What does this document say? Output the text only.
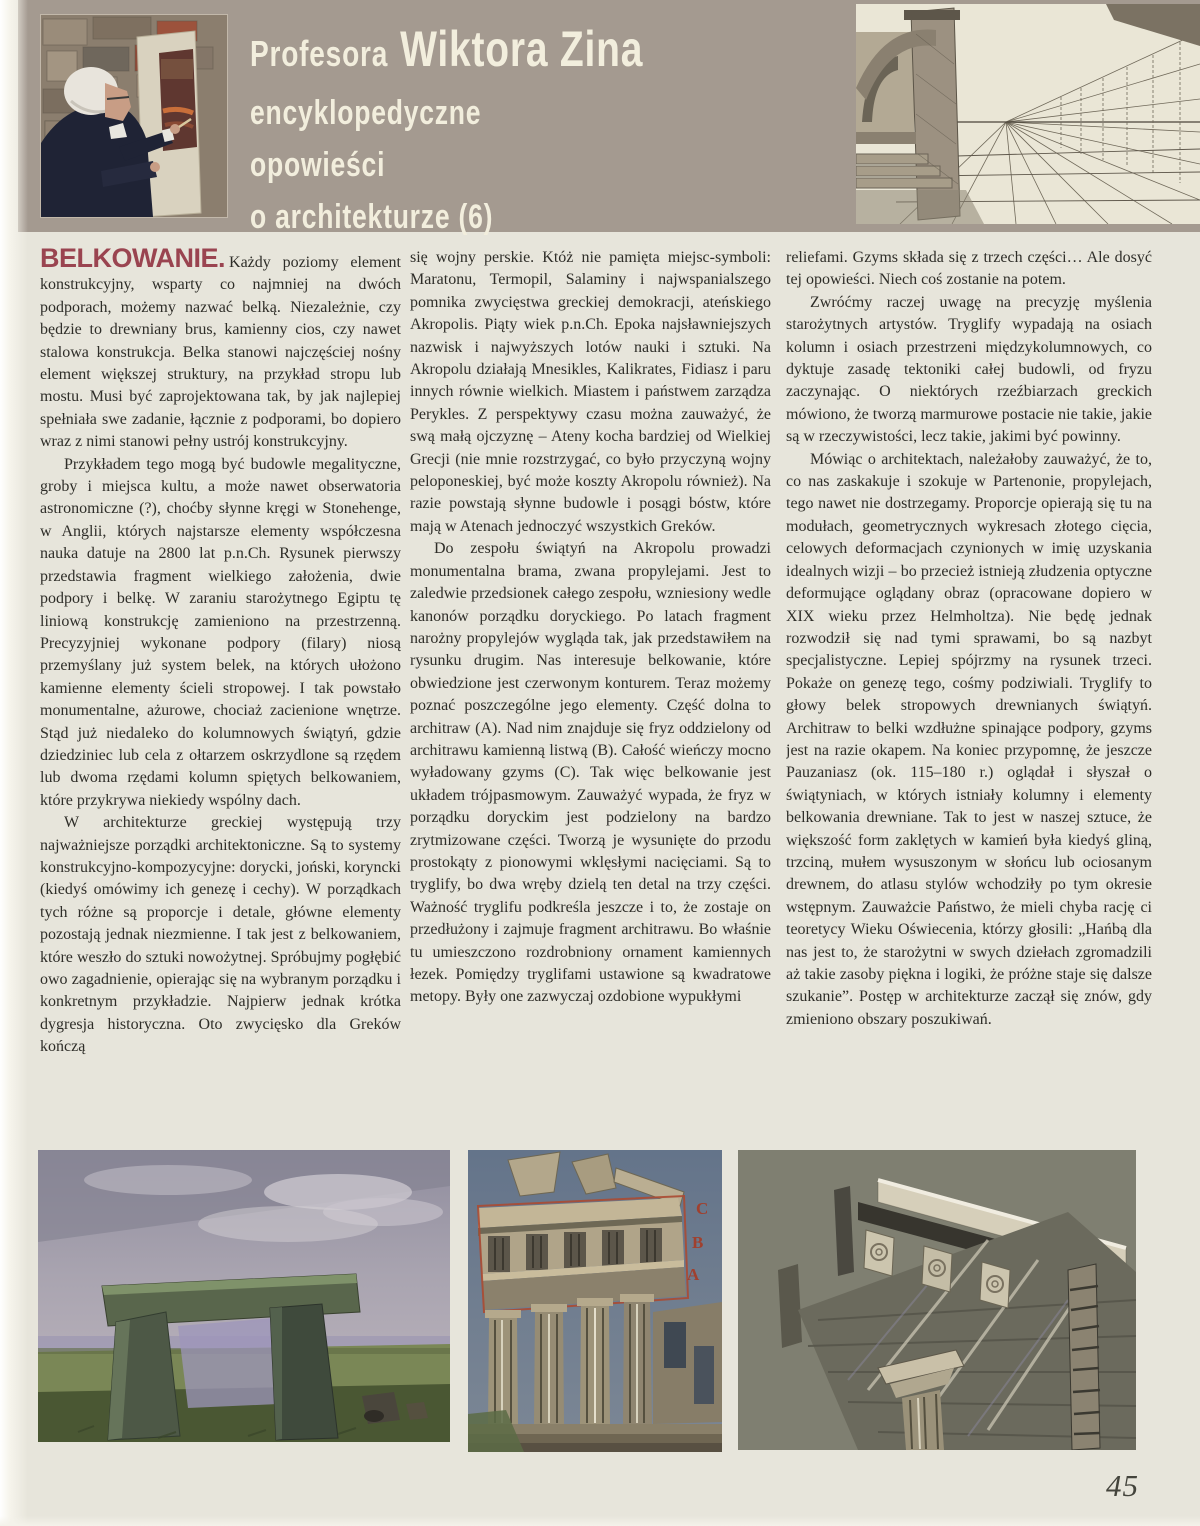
Profesora Wiktora Zina
encyklopedyczne
opowieści
o architekturze (6)

BELKOWANIE. Każdy poziomy element konstrukcyjny, wsparty co najmniej na dwóch podporach, możemy nazwać belką. Niezależnie, czy będzie to drewniany brus, kamienny cios, czy nawet stalowa konstrukcja. Belka stanowi najczęściej nośny element większej struktury, na przykład stropu lub mostu. Musi być zaprojektowana tak, by jak najlepiej spełniała swe zadanie, łącznie z podporami, bo dopiero wraz z nimi stanowi pełny ustrój konstrukcyjny.

Przykładem tego mogą być budowle megalityczne, groby i miejsca kultu, a może nawet obserwatoria astronomiczne (?), choćby słynne kręgi w Stonehenge, w Anglii, których najstarsze elementy współczesna nauka datuje na 2800 lat p.n.Ch. Rysunek pierwszy przedstawia fragment wielkiego założenia, dwie podpory i belkę. W zaraniu starożytnego Egiptu tę liniową konstrukcję zamieniono na przestrzenną. Precyzyjniej wykonane podpory (filary) niosą przemyślany już system belek, na których ułożono kamienne elementy ścieli stropowej. I tak powstało monumentalne, ażurowe, chociaż zacienione wnętrze. Stąd już niedaleko do kolumnowych świątyń, gdzie dziedziniec lub cela z ołtarzem oskrzydlone są rzędem lub dwoma rzędami kolumn spiętych belkowaniem, które przykrywa niekiedy wspólny dach.

W architekturze greckiej występują trzy najważniejsze porządki architektoniczne. Są to systemy konstrukcyjno-kompozycyjne: dorycki, joński, koryncki (kiedyś omówimy ich genezę i cechy). W porządkach tych różne są proporcje i detale, główne elementy pozostają jednak niezmienne. I tak jest z belkowaniem, które weszło do sztuki nowożytnej. Spróbujmy pogłębić owo zagadnienie, opierając się na wybranym porządku i konkretnym przykładzie. Najpierw jednak krótka dygresja historyczna. Oto zwycięsko dla Greków kończą

się wojny perskie. Któż nie pamięta miejsc-symboli: Maratonu, Termopil, Salaminy i najwspanialszego pomnika zwycięstwa greckiej demokracji, ateńskiego Akropolis. Piąty wiek p.n.Ch. Epoka najsławniejszych nazwisk i najwyższych lotów nauki i sztuki. Na Akropolu działają Mnesikles, Kalikrates, Fidiasz i paru innych równie wielkich. Miastem i państwem zarządza Perykles. Z perspektywy czasu można zauważyć, że swą małą ojczyznę – Ateny kocha bardziej od Wielkiej Grecji (nie mnie rozstrzygać, co było przyczyną wojny peloponeskiej, być może koszty Akropolu również). Na razie powstają słynne budowle i posągi bóstw, które mają w Atenach jednoczyć wszystkich Greków.

Do zespołu świątyń na Akropolu prowadzi monumentalna brama, zwana propylejami. Jest to zaledwie przedsionek całego zespołu, wzniesiony wedle kanonów porządku doryckiego. Po latach fragment narożny propylejów wygląda tak, jak przedstawiłem na rysunku drugim. Nas interesuje belkowanie, które obwiedzione jest czerwonym konturem. Teraz możemy poznać poszczególne jego elementy. Część dolna to architraw (A). Nad nim znajduje się fryz oddzielony od architrawu kamienną listwą (B). Całość wieńczy mocno wyładowany gzyms (C). Tak więc belkowanie jest układem trójpasmowym. Zauważyć wypada, że fryz w porządku doryckim jest podzielony na bardzo zrytmizowane części. Tworzą je wysunięte do przodu prostokąty z pionowymi wklęsłymi nacięciami. Są to tryglify, bo dwa wręby dzielą ten detal na trzy części. Ważność tryglifu podkreśla jeszcze i to, że zostaje on przedłużony i zajmuje fragment architrawu. Bo właśnie tu umieszczono rozdrobniony ornament kamiennych łezek. Pomiędzy tryglifami ustawione są kwadratowe metopy. Były one zazwyczaj ozdobione wypukłymi

reliefami. Gzyms składa się z trzech części… Ale dosyć tej opowieści. Niech coś zostanie na potem.

Zwróćmy raczej uwagę na precyzję myślenia starożytnych artystów. Tryglify wypadają na osiach kolumn i osiach przestrzeni międzykolumnowych, co dyktuje zasadę tektoniki całej budowli, od fryzu zaczynając. O niektórych rzeźbiarzach greckich mówiono, że tworzą marmurowe postacie nie takie, jakie są w rzeczywistości, lecz takie, jakimi być powinny.

Mówiąc o architektach, należałoby zauważyć, że to, co nas zaskakuje i szokuje w Partenonie, propylejach, tego nawet nie dostrzegamy. Proporcje opierają się tu na modułach, geometrycznych wykresach złotego cięcia, celowych deformacjach czynionych w imię uzyskania idealnych wizji – bo przecież istnieją złudzenia optyczne deformujące oglądany obraz (opracowane dopiero w XIX wieku przez Helmholtza). Nie będę jednak rozwodził się nad tymi sprawami, bo są nazbyt specjalistyczne. Lepiej spójrzmy na rysunek trzeci. Pokaże on genezę tego, cośmy podziwiali. Tryglify to głowy belek stropowych drewnianych świątyń. Architraw to belki wzdłużne spinające podpory, gzyms jest na razie okapem. Na koniec przypomnę, że jeszcze Pauzaniasz (ok. 115–180 r.) oglądał i słyszał o świątyniach, w których istniały kolumny i elementy belkowania drewniane. Tak to jest w naszej sztuce, że większość form zaklętych w kamień była kiedyś gliną, trzciną, mułem wysuszonym w słońcu lub ociosanym drewnem, do atlasu stylów wchodziły po tym okresie wstępnym. Zauważcie Państwo, że mieli chyba rację ci teoretycy Wieku Oświecenia, którzy głosili: „Hańbą dla nas jest to, że starożytni w swych dziełach zgromadzili aż takie zasoby piękna i logiki, że próżne staje się dalsze szukanie”. Postęp w architekturze zaczął się znów, gdy zmieniono obszary poszukiwań.

C
B
A
45
